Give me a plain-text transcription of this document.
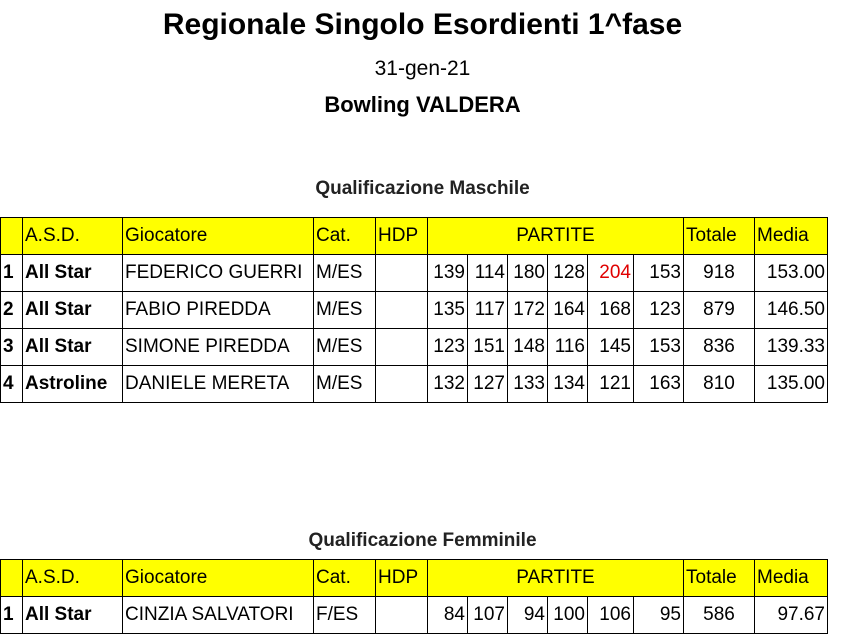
Regionale Singolo Esordienti 1^fase
31-gen-21
Bowling VALDERA
Qualificazione Maschile
	A.S.D.	Giocatore	Cat.	HDP	PARTITE						Totale	Media
1	All Star	FEDERICO GUERRI	M/ES		139	114	180	128	204	153	918	153.00
2	All Star	FABIO PIREDDA	M/ES		135	117	172	164	168	123	879	146.50
3	All Star	SIMONE PIREDDA	M/ES		123	151	148	116	145	153	836	139.33
4	Astroline	DANIELE MERETA	M/ES		132	127	133	134	121	163	810	135.00
Qualificazione Femminile
	A.S.D.	Giocatore	Cat.	HDP	PARTITE						Totale	Media
1	All Star	CINZIA SALVATORI	F/ES		84	107	94	100	106	95	586	97.67
